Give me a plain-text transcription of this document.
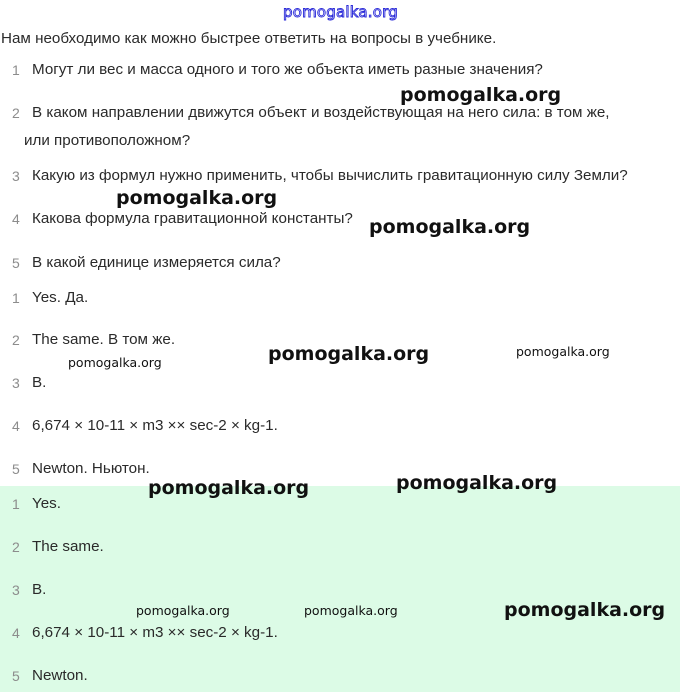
pomogalka.org
Нам необходимо как можно быстрее ответить на вопросы в учебнике.
1 Могут ли вес и масса одного и того же объекта иметь разные значения?
2 В каком направлении движутся объект и воздействующая на него сила: в том же,
или противоположном?
3 Какую из формул нужно применить, чтобы вычислить гравитационную силу Земли?
4 Какова формула гравитационной константы?
5 В какой единице измеряется сила?
1 Yes. Да.
2 The same. В том же.
3 B.
4 6,674 × 10-11 × m3 ×× sec-2 × kg-1.
5 Newton. Ньютон.
1 Yes.
2 The same.
3 B.
4 6,674 × 10-11 × m3 ×× sec-2 × kg-1.
5 Newton.
pomogalka.org
pomogalka.org
pomogalka.org
pomogalka.org
pomogalka.org
pomogalka.org
pomogalka.org	pomogalka.org
pomogalka.org	pomogalka.org	pomogalka.org
